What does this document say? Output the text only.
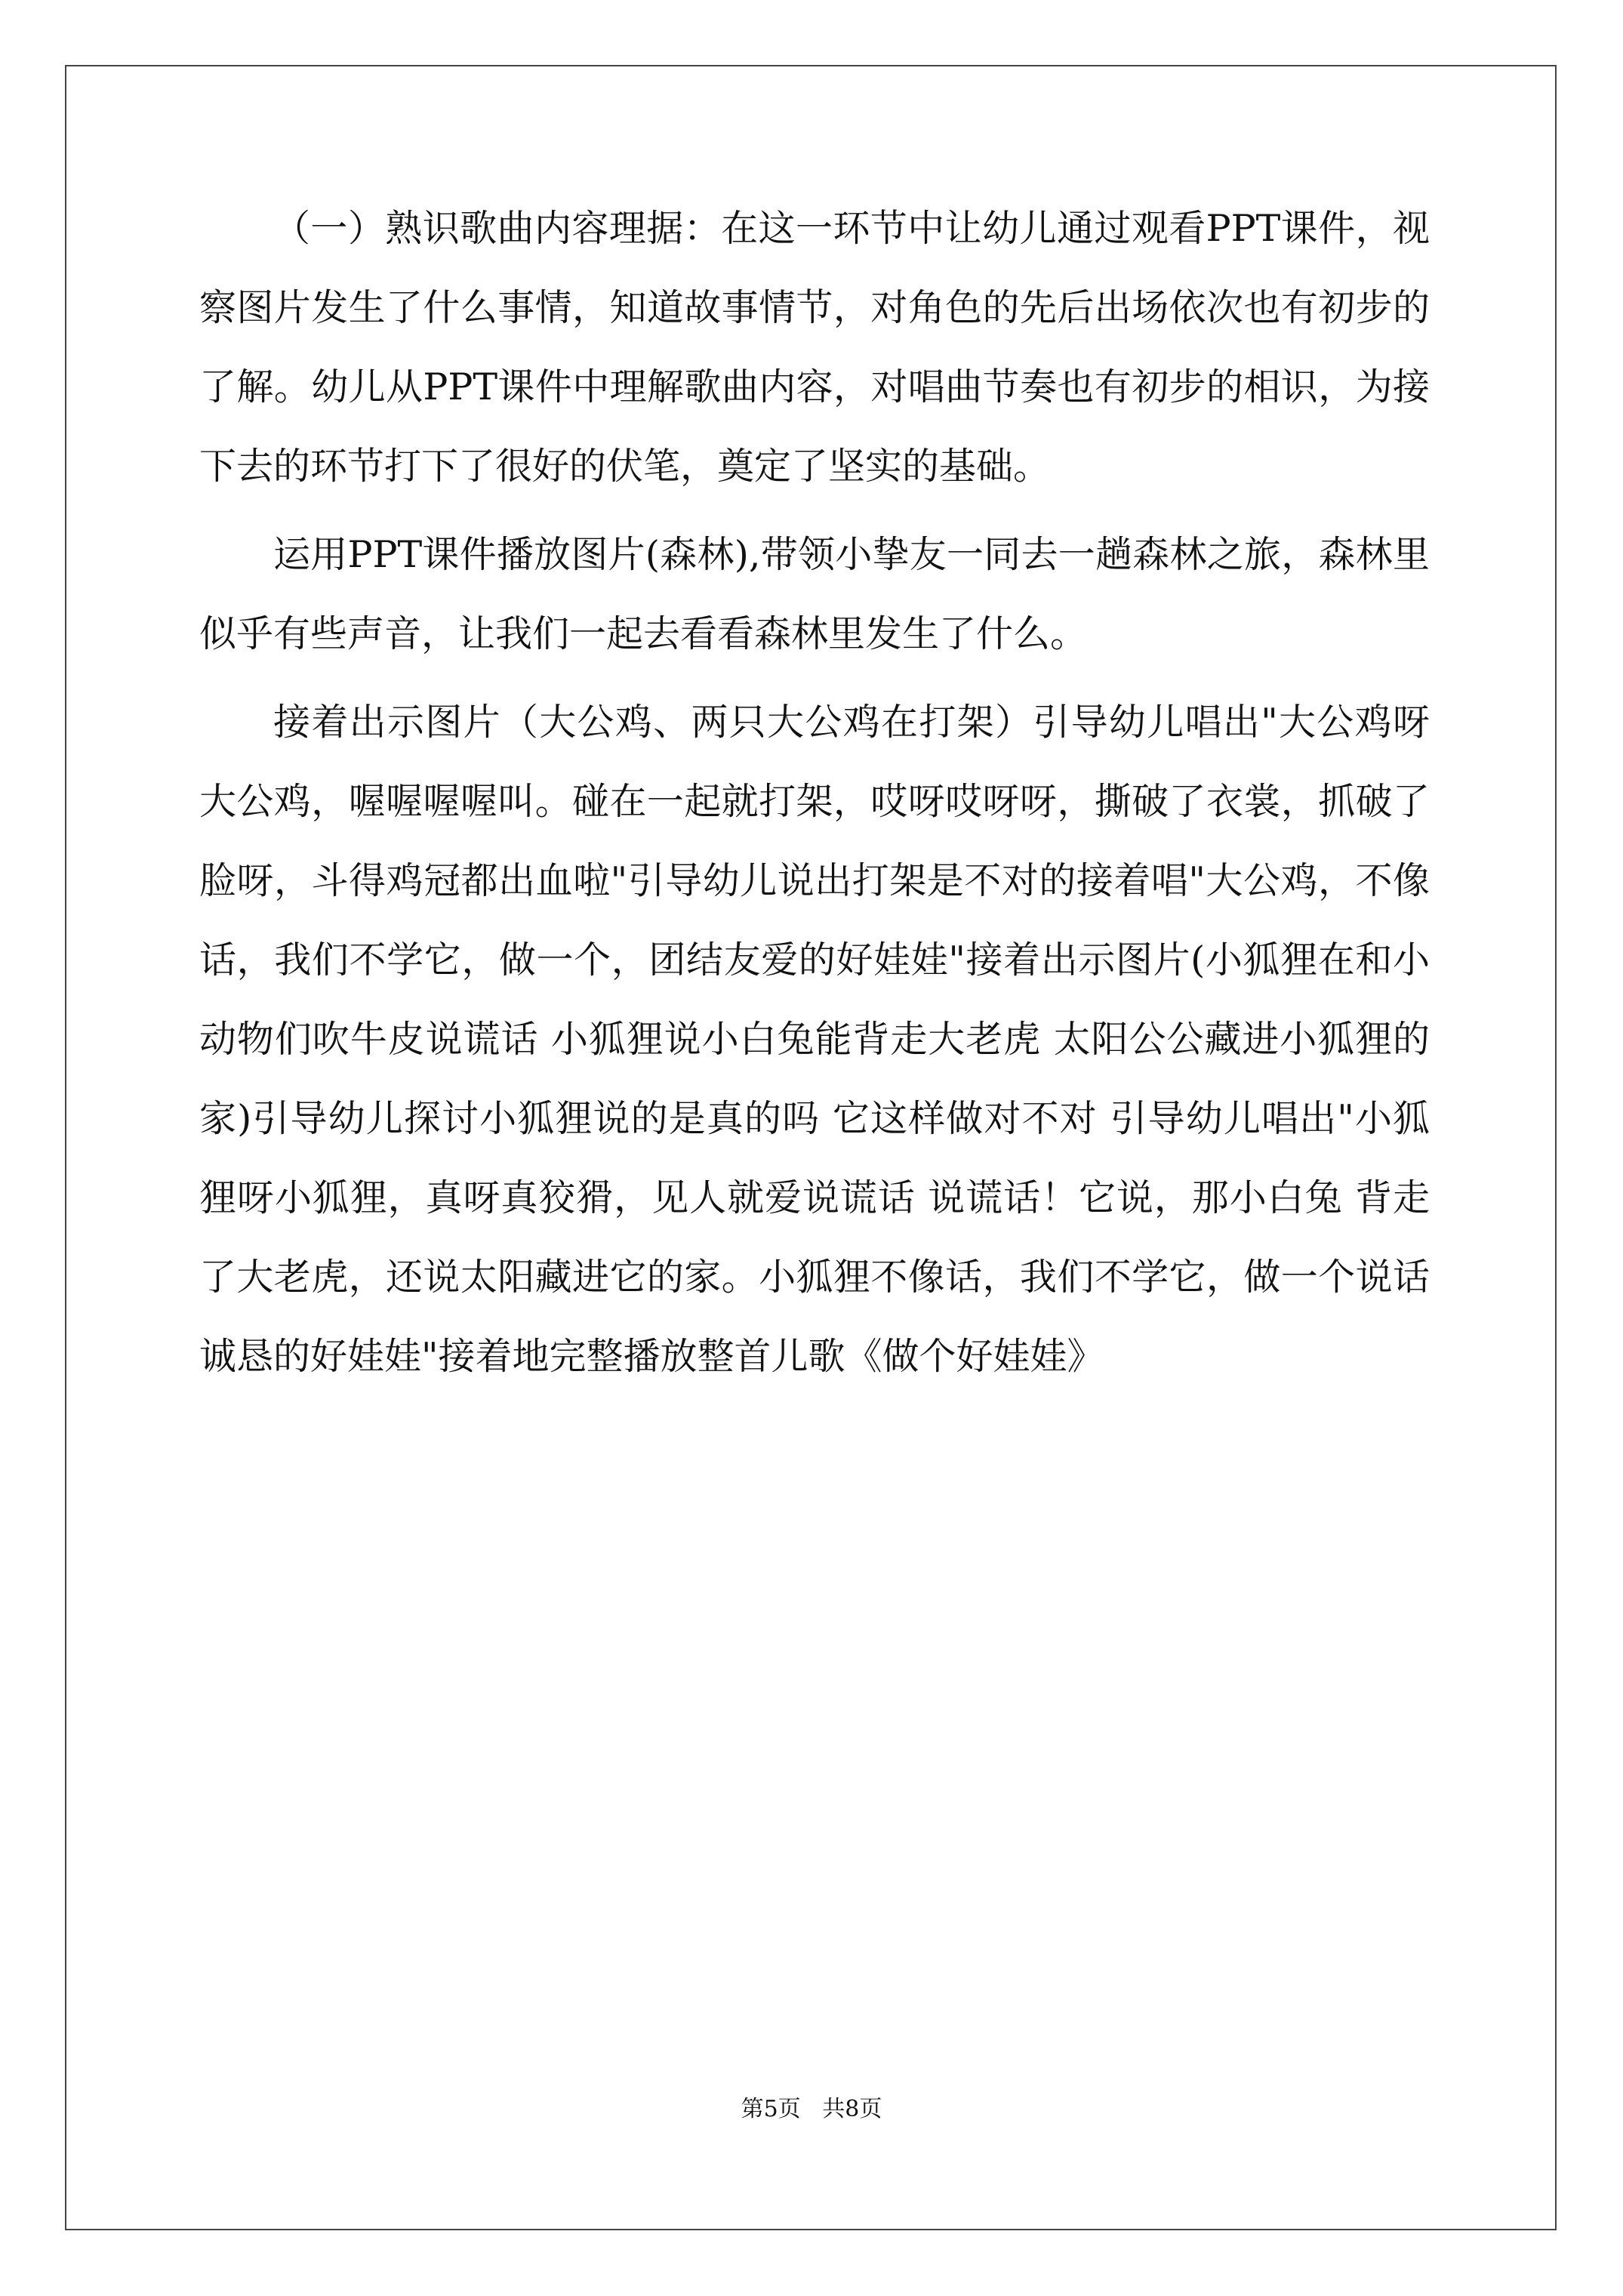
（一）熟识歌曲内容理据：在这一环节中让幼儿通过观看PPT课件，视察图片发生了什么事情，知道故事情节，对角色的先后出场依次也有初步的了解。幼儿从PPT课件中理解歌曲内容，对唱曲节奏也有初步的相识，为接下去的环节打下了很好的伏笔，奠定了坚实的基础。

运用PPT课件播放图片(森林),带领小挚友一同去一趟森林之旅，森林里似乎有些声音，让我们一起去看看森林里发生了什么。

接着出示图片（大公鸡、两只大公鸡在打架）引导幼儿唱出"大公鸡呀大公鸡，喔喔喔喔叫。碰在一起就打架，哎呀哎呀呀，撕破了衣裳，抓破了脸呀，斗得鸡冠都出血啦"引导幼儿说出打架是不对的接着唱"大公鸡，不像话，我们不学它，做一个，团结友爱的好娃娃"接着出示图片(小狐狸在和小动物们吹牛皮说谎话 小狐狸说小白兔能背走大老虎 太阳公公藏进小狐狸的家)引导幼儿探讨小狐狸说的是真的吗 它这样做对不对 引导幼儿唱出"小狐狸呀小狐狸，真呀真狡猾，见人就爱说谎话 说谎话！它说，那小白兔 背走了大老虎，还说太阳藏进它的家。小狐狸不像话，我们不学它，做一个说话诚恳的好娃娃"接着地完整播放整首儿歌《做个好娃娃》

第5页 共8页
